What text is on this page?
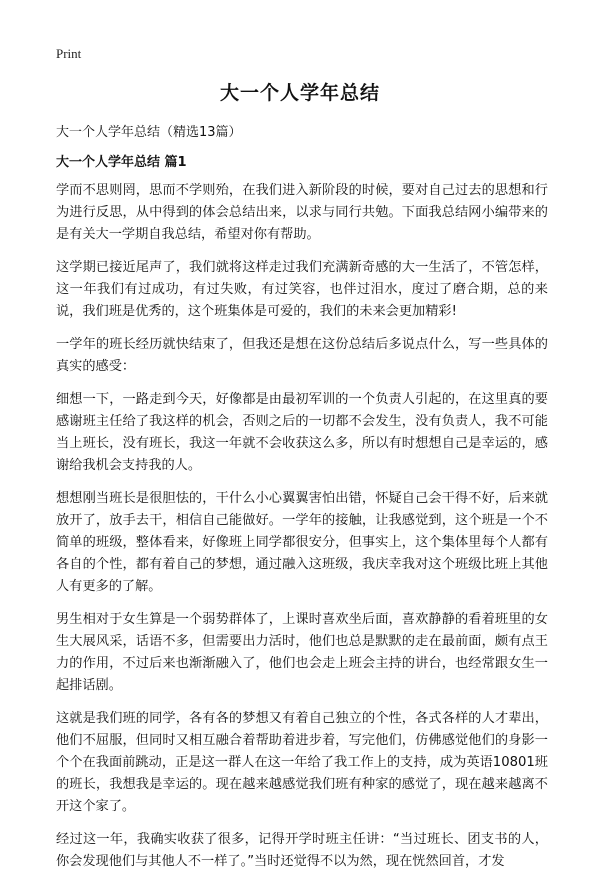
Print
大一个人学年总结
大一个人学年总结（精选13篇）
大一个人学年总结 篇1

学而不思则罔，思而不学则殆，在我们进入新阶段的时候，要对自己过去的思想和行为进行反思，从中得到的体会总结出来，以求与同行共勉。下面我总结网小编带来的是有关大一学期自我总结，希望对你有帮助。

这学期已接近尾声了，我们就将这样走过我们充满新奇感的大一生活了，不管怎样，这一年我们有过成功，有过失败，有过笑容，也伴过泪水，度过了磨合期，总的来说，我们班是优秀的，这个班集体是可爱的，我们的未来会更加精彩!

一学年的班长经历就快结束了，但我还是想在这份总结后多说点什么，写一些具体的真实的感受：

细想一下，一路走到今天，好像都是由最初军训的一个负责人引起的，在这里真的要感谢班主任给了我这样的机会，否则之后的一切都不会发生，没有负责人，我不可能当上班长，没有班长，我这一年就不会收获这么多，所以有时想想自己是幸运的，感谢给我机会支持我的人。

想想刚当班长是很胆怯的，干什么小心翼翼害怕出错，怀疑自己会干得不好，后来就放开了，放手去干，相信自己能做好。一学年的接触，让我感觉到，这个班是一个不简单的班级，整体看来，好像班上同学都很安分，但事实上，这个集体里每个人都有各自的个性，都有着自己的梦想，通过融入这班级，我庆幸我对这个班级比班上其他人有更多的了解。

男生相对于女生算是一个弱势群体了，上课时喜欢坐后面，喜欢静静的看着班里的女生大展风采，话语不多，但需要出力活时，他们也总是默默的走在最前面，颇有点王力的作用，不过后来也渐渐融入了，他们也会走上班会主持的讲台，也经常跟女生一起排话剧。

这就是我们班的同学，各有各的梦想又有着自己独立的个性，各式各样的人才辈出，他们不屈服，但同时又相互融合着帮助着进步着，写完他们，仿佛感觉他们的身影一个个在我面前跳动，正是这一群人在这一年给了我工作上的支持，成为英语10801班的班长，我想我是幸运的。现在越来越感觉我们班有种家的感觉了，现在越来越离不开这个家了。

经过这一年，我确实收获了很多，记得开学时班主任讲：“当过班长、团支书的人，你会发现他们与其他人不一样了。”当时还觉得不以为然，现在恍然回首，才发
